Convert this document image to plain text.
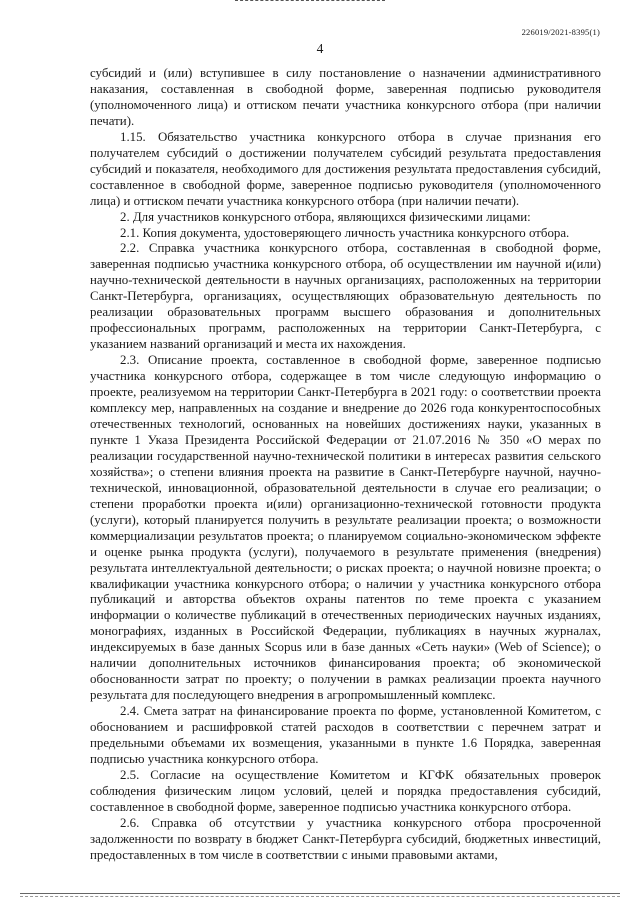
226019/2021-8395(1)
4

субсидий и (или) вступившее в силу постановление о назначении административного наказания, составленная в свободной форме, заверенная подписью руководителя (уполномоченного лица) и оттиском печати участника конкурсного отбора (при наличии печати).

1.15. Обязательство участника конкурсного отбора в случае признания его получателем субсидий о достижении получателем субсидий результата предоставления субсидий и показателя, необходимого для достижения результата предоставления субсидий, составленное в свободной форме, заверенное подписью руководителя (уполномоченного лица) и оттиском печати участника конкурсного отбора (при наличии печати).

2. Для участников конкурсного отбора, являющихся физическими лицами:

2.1. Копия документа, удостоверяющего личность участника конкурсного отбора.

2.2. Справка участника конкурсного отбора, составленная в свободной форме, заверенная подписью участника конкурсного отбора, об осуществлении им научной и(или) научно-технической деятельности в научных организациях, расположенных на территории Санкт-Петербурга, организациях, осуществляющих образовательную деятельность по реализации образовательных программ высшего образования и дополнительных профессиональных программ, расположенных на территории Санкт-Петербурга, с указанием названий организаций и места их нахождения.

2.3. Описание проекта, составленное в свободной форме, заверенное подписью участника конкурсного отбора, содержащее в том числе следующую информацию о проекте, реализуемом на территории Санкт-Петербурга в 2021 году: о соответствии проекта комплексу мер, направленных на создание и внедрение до 2026 года конкурентоспособных отечественных технологий, основанных на новейших достижениях науки, указанных в пункте 1 Указа Президента Российской Федерации от 21.07.2016 № 350 «О мерах по реализации государственной научно-технической политики в интересах развития сельского хозяйства»; о степени влияния проекта на развитие в Санкт-Петербурге научной, научно-технической, инновационной, образовательной деятельности в случае его реализации; о степени проработки проекта и(или) организационно-технической готовности продукта (услуги), который планируется получить в результате реализации проекта; о возможности коммерциализации результатов проекта; о планируемом социально-экономическом эффекте и оценке рынка продукта (услуги), получаемого в результате применения (внедрения) результата интеллектуальной деятельности; о рисках проекта; о научной новизне проекта; о квалификации участника конкурсного отбора; о наличии у участника конкурсного отбора публикаций и авторства объектов охраны патентов по теме проекта с указанием информации о количестве публикаций в отечественных периодических научных изданиях, монографиях, изданных в Российской Федерации, публикациях в научных журналах, индексируемых в базе данных Scopus или в базе данных «Сеть науки» (Web of Science); о наличии дополнительных источников финансирования проекта; об экономической обоснованности затрат по проекту; о получении в рамках реализации проекта научного результата для последующего внедрения в агропромышленный комплекс.

2.4. Смета затрат на финансирование проекта по форме, установленной Комитетом, с обоснованием и расшифровкой статей расходов в соответствии с перечнем затрат и предельными объемами их возмещения, указанными в пункте 1.6 Порядка, заверенная подписью участника конкурсного отбора.

2.5. Согласие на осуществление Комитетом и КГФК обязательных проверок соблюдения физическим лицом условий, целей и порядка предоставления субсидий, составленное в свободной форме, заверенное подписью участника конкурсного отбора.

2.6. Справка об отсутствии у участника конкурсного отбора просроченной задолженности по возврату в бюджет Санкт-Петербурга субсидий, бюджетных инвестиций, предоставленных в том числе в соответствии с иными правовыми актами,
